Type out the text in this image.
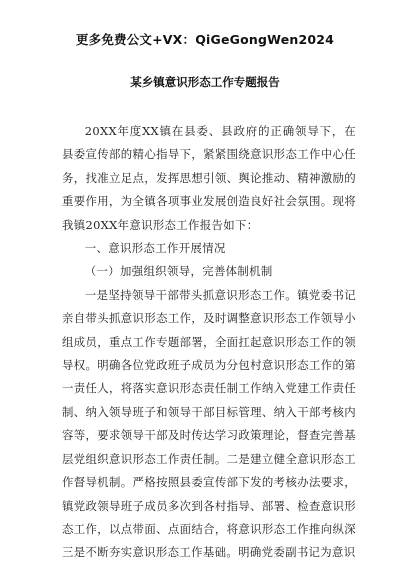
更多免费公文+VX：QiGeGongWen2024
某乡镇意识形态工作专题报告

20XX年度XX镇在县委、县政府的正确领导下，在县委宣传部的精心指导下，紧紧围绕意识形态工作中心任务，找准立足点，发挥思想引领、舆论推动、精神激励的重要作用，为全镇各项事业发展创造良好社会氛围。现将我镇20XX年意识形态工作报告如下：

一、意识形态工作开展情况

（一）加强组织领导，完善体制机制

一是坚持领导干部带头抓意识形态工作。镇党委书记亲自带头抓意识形态工作，及时调整意识形态工作领导小组成员，重点工作专题部署，全面扛起意识形态工作的领导权。明确各位党政班子成员为分包村意识形态工作的第一责任人，将落实意识形态责任制工作纳入党建工作责任制、纳入领导班子和领导干部目标管理、纳入干部考核内容等，要求领导干部及时传达学习政策理论，督查完善基层党组织意识形态工作责任制。二是建立健全意识形态工作督导机制。严格按照县委宣传部下发的考核办法要求，镇党政领导班子成员多次到各村指导、部署、检查意识形态工作，以点带面、点面结合，将意识形态工作推向纵深三是不断夯实意识形态工作基础。明确党委副书记为意识
